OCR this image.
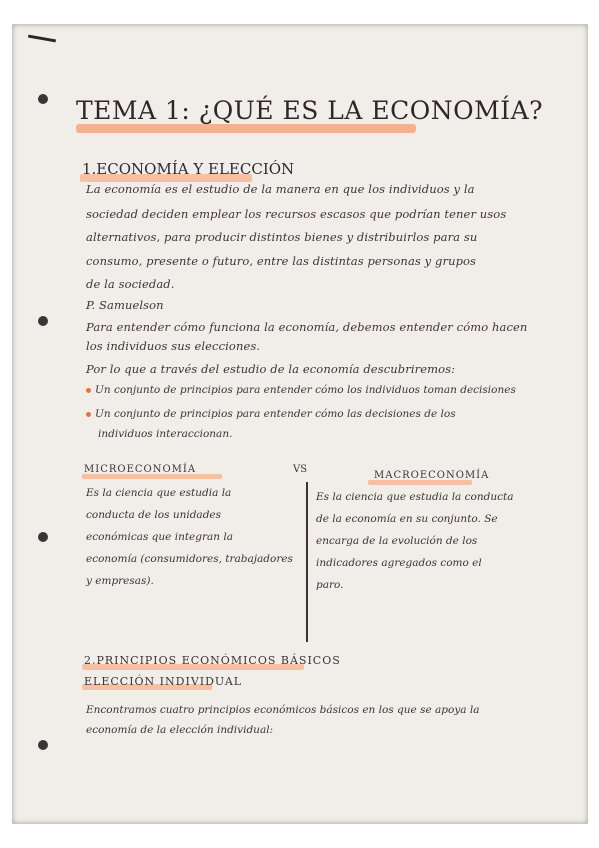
TEMA 1: ¿QUÉ ES LA ECONOMÍA?
1.ECONOMÍA Y ELECCIÓN
La economía es el estudio de la manera en que los individuos y la
sociedad deciden emplear los recursos escasos que podrían tener usos
alternativos, para producir distintos bienes y distribuirlos para su
consumo, presente o futuro, entre las distintas personas y grupos
de la sociedad.
P. Samuelson
Para entender cómo funciona la economía, debemos entender cómo hacen
los individuos sus elecciones.
Por lo que a través del estudio de la economía descubriremos:
Un conjunto de principios para entender cómo los individuos toman decisiones
Un conjunto de principios para entender cómo las decisiones de los
individuos interaccionan.
MICROECONOMÍA	VS
MACROECONOMÍA
Es la ciencia que estudia la
conducta de los unidades
económicas que integran la
economía (consumidores, trabajadores
y empresas).
Es la ciencia que estudia la conducta
de la economía en su conjunto. Se
encarga de la evolución de los
indicadores agregados como el
paro.
2.PRINCIPIOS ECONÓMICOS BÁSICOS
ELECCIÓN INDIVIDUAL
Encontramos cuatro principios económicos básicos en los que se apoya la
economía de la elección individual:
